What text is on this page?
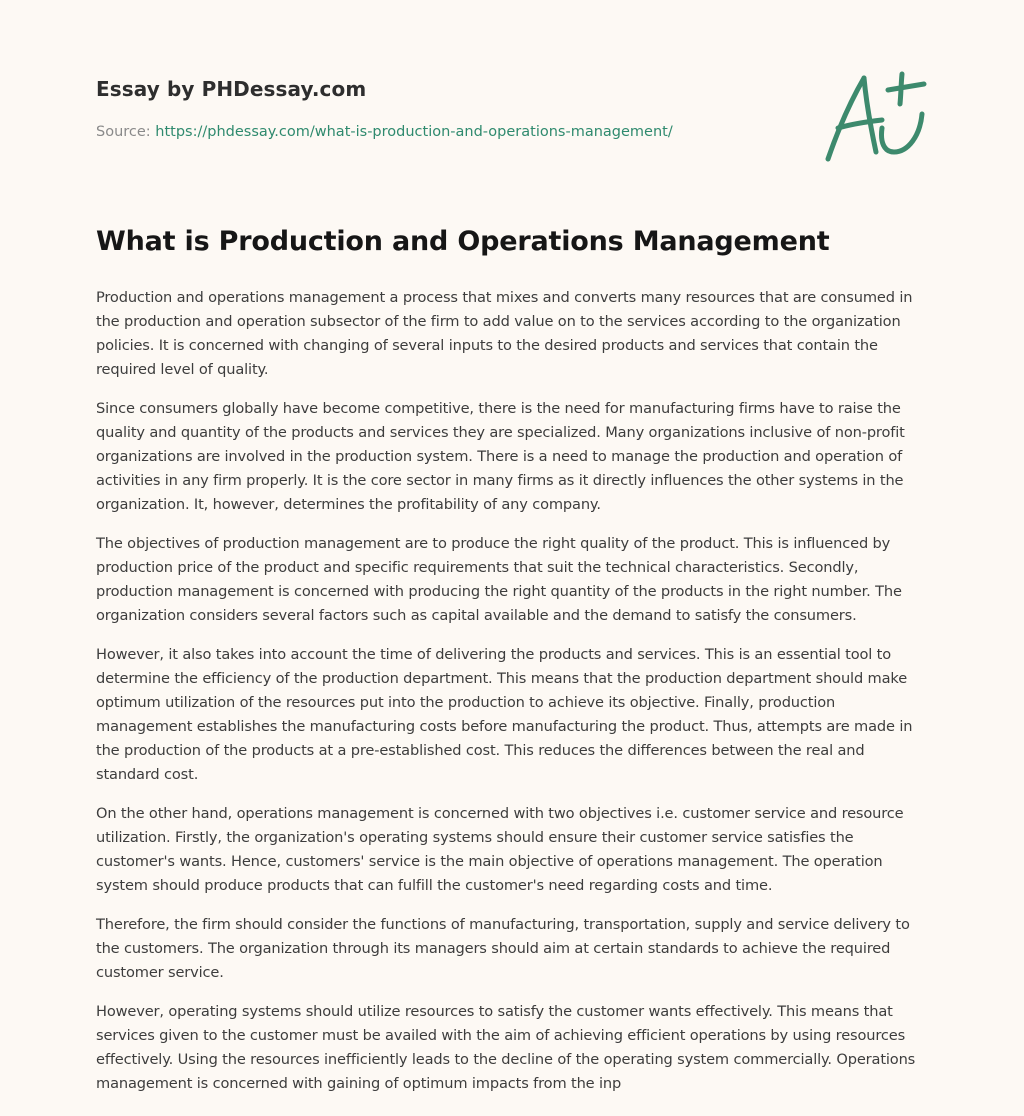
Essay by PHDessay.com
Source: https://phdessay.com/what-is-production-and-operations-management/
What is Production and Operations Management

Production and operations management a process that mixes and converts many resources that are consumed in the production and operation subsector of the firm to add value on to the services according to the organization policies. It is concerned with changing of several inputs to the desired products and services that contain the required level of quality.

Since consumers globally have become competitive, there is the need for manufacturing firms have to raise the quality and quantity of the products and services they are specialized. Many organizations inclusive of non-profit organizations are involved in the production system. There is a need to manage the production and operation of activities in any firm properly. It is the core sector in many firms as it directly influences the other systems in the organization. It, however, determines the profitability of any company.

The objectives of production management are to produce the right quality of the product. This is influenced by production price of the product and specific requirements that suit the technical characteristics. Secondly, production management is concerned with producing the right quantity of the products in the right number. The organization considers several factors such as capital available and the demand to satisfy the consumers.

However, it also takes into account the time of delivering the products and services. This is an essential tool to determine the efficiency of the production department. This means that the production department should make optimum utilization of the resources put into the production to achieve its objective. Finally, production management establishes the manufacturing costs before manufacturing the product. Thus, attempts are made in the production of the products at a pre-established cost. This reduces the differences between the real and standard cost.

On the other hand, operations management is concerned with two objectives i.e. customer service and resource utilization. Firstly, the organization's operating systems should ensure their customer service satisfies the customer's wants. Hence, customers' service is the main objective of operations management. The operation system should produce products that can fulfill the customer's need regarding costs and time.

Therefore, the firm should consider the functions of manufacturing, transportation, supply and service delivery to the customers. The organization through its managers should aim at certain standards to achieve the required customer service.

However, operating systems should utilize resources to satisfy the customer wants effectively. This means that services given to the customer must be availed with the aim of achieving efficient operations by using resources effectively. Using the resources inefficiently leads to the decline of the operating system commercially. Operations management is concerned with gaining of optimum impacts from the inp
